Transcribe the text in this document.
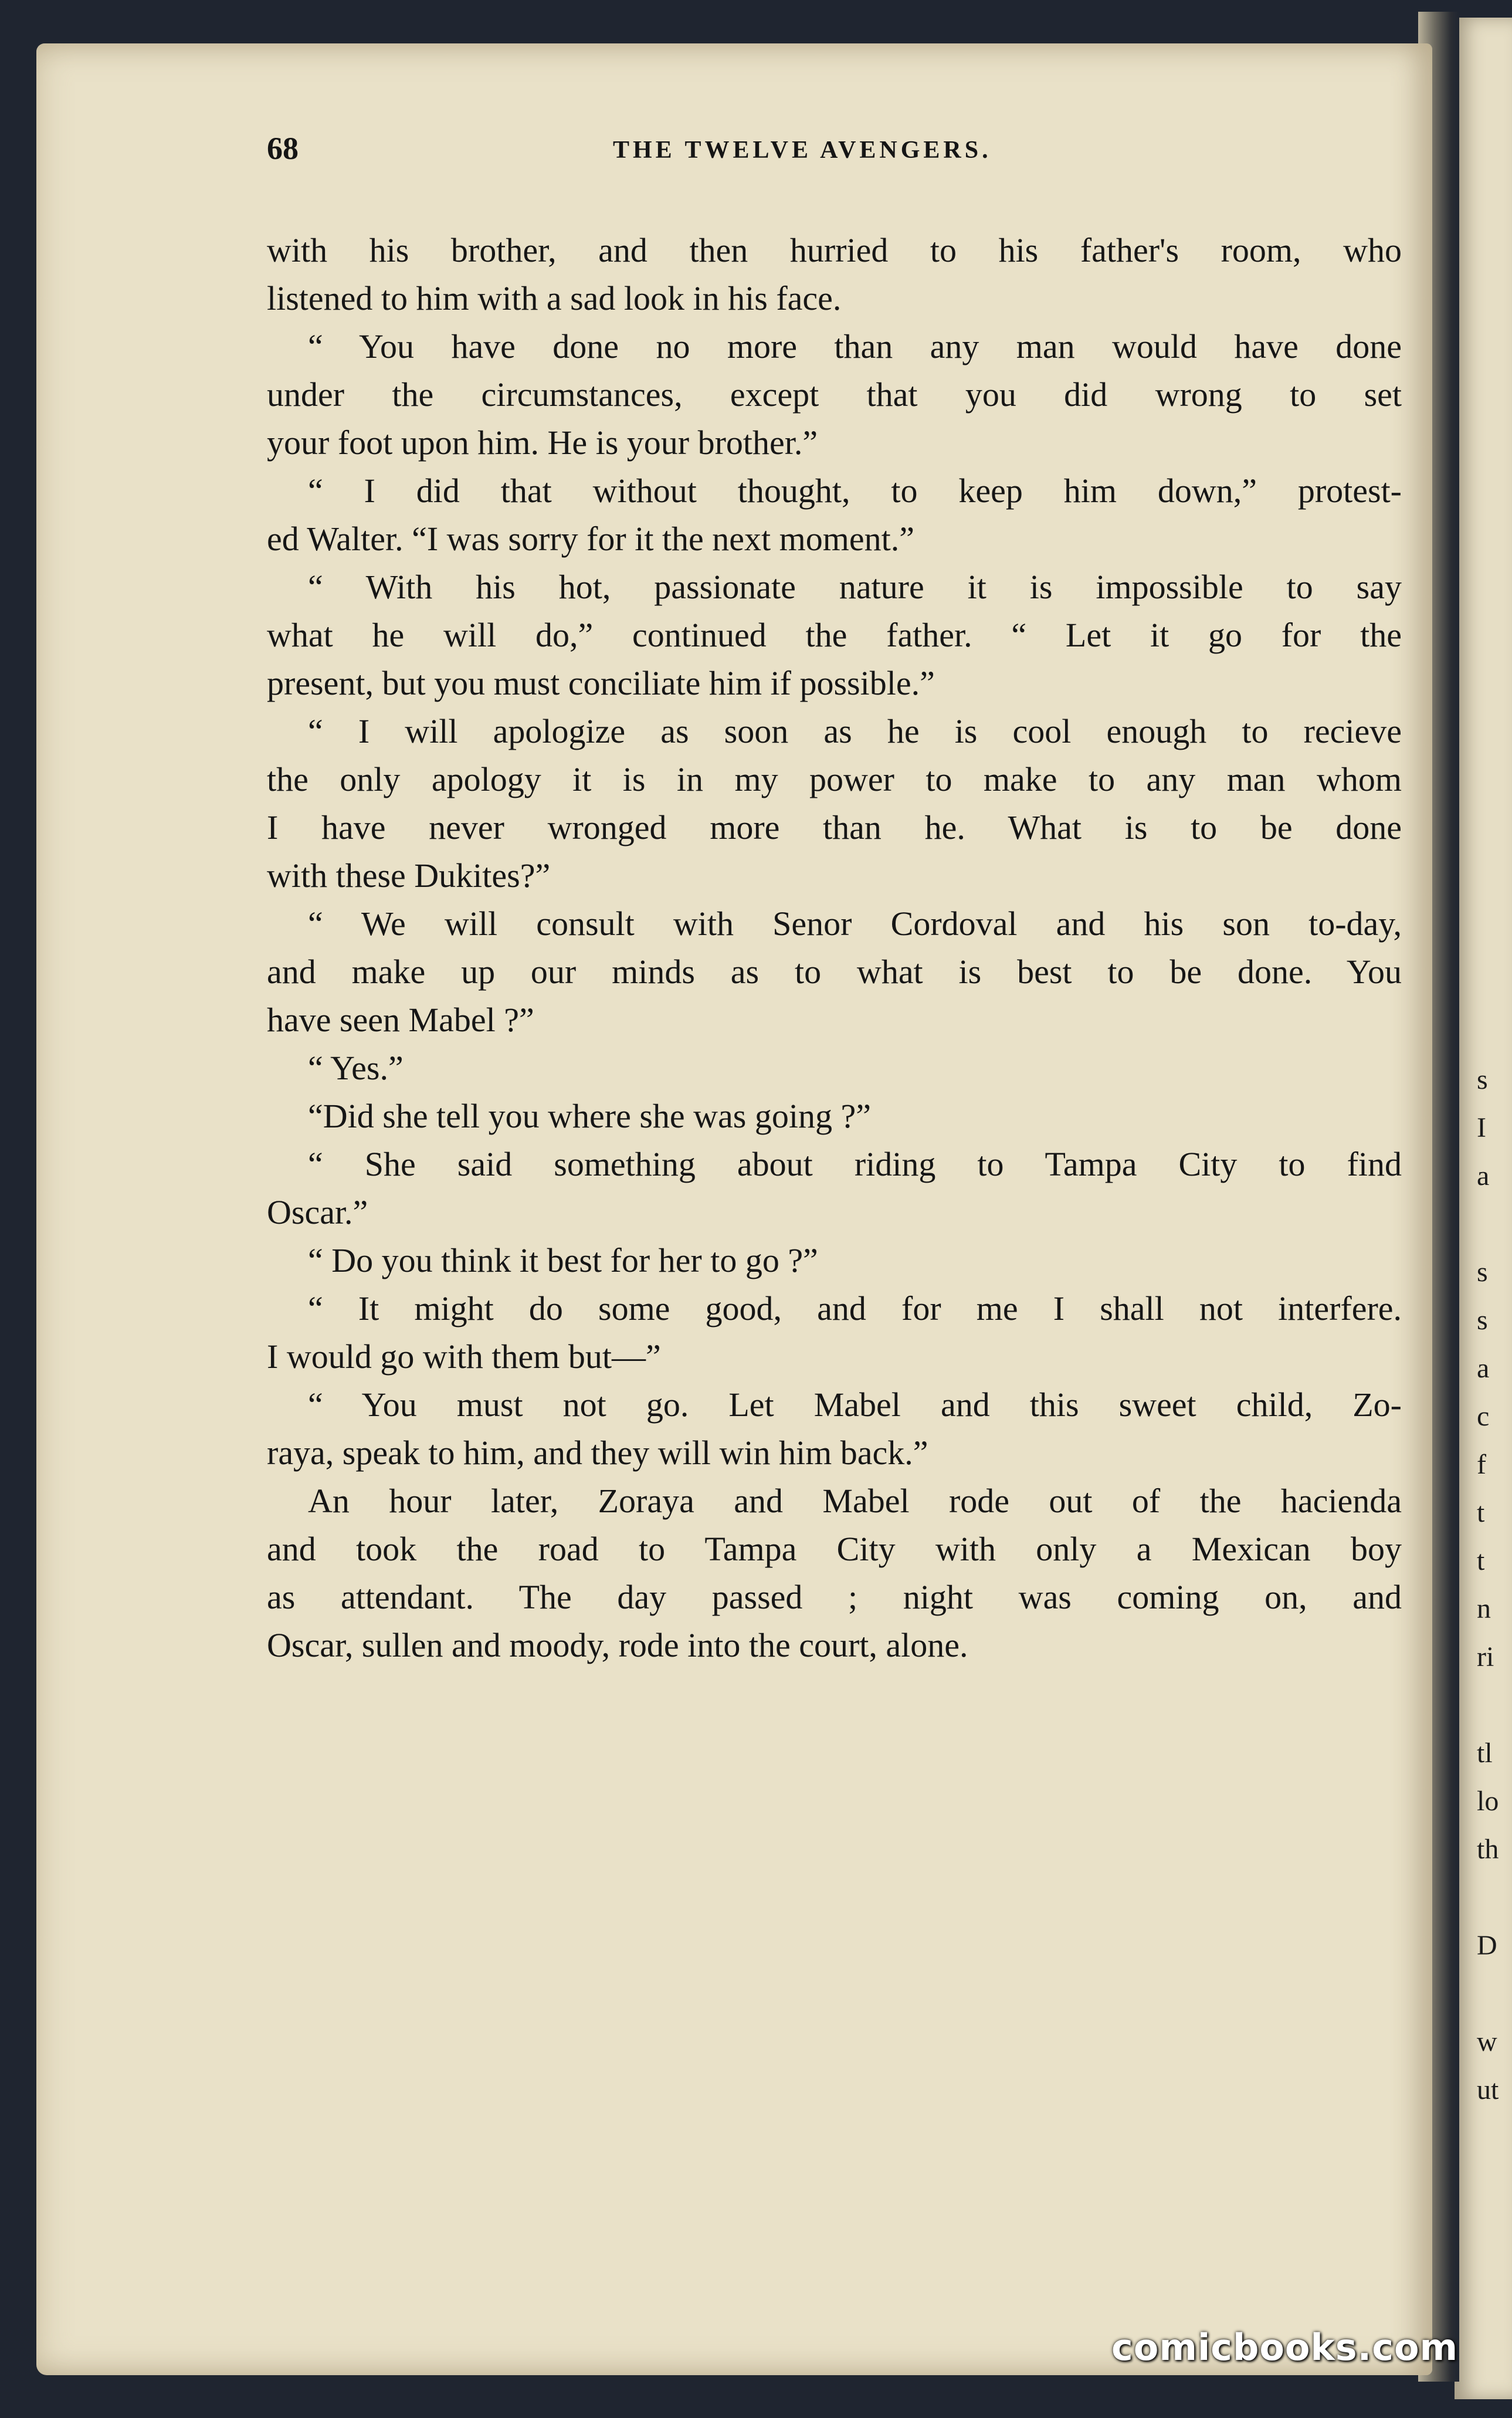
s
I
a
s
s
a
c
f
t
t
n
ri
tl
lo
th
D
w
ut
68	THE TWELVE AVENGERS.
with his brother, and then hurried to his father's room, who
listened to him with a sad look in his face.
“ You have done no more than any man would have done
under the circumstances, except that you did wrong to set
your foot upon him. He is your brother.”
“ I did that without thought, to keep him down,” protest-
ed Walter. “I was sorry for it the next moment.”
“ With his hot, passionate nature it is impossible to say
what he will do,” continued the father. “ Let it go for the
present, but you must conciliate him if possible.”
“ I will apologize as soon as he is cool enough to recieve
the only apology it is in my power to make to any man whom
I have never wronged more than he. What is to be done
with these Dukites?”
“ We will consult with Senor Cordoval and his son to-day,
and make up our minds as to what is best to be done. You
have seen Mabel ?”
“ Yes.”
“Did she tell you where she was going ?”
“ She said something about riding to Tampa City to find
Oscar.”
“ Do you think it best for her to go ?”
“ It might do some good, and for me I shall not interfere.
I would go with them but—”
“ You must not go. Let Mabel and this sweet child, Zo-
raya, speak to him, and they will win him back.”
An hour later, Zoraya and Mabel rode out of the hacienda
and took the road to Tampa City with only a Mexican boy
as attendant. The day passed ; night was coming on, and
Oscar, sullen and moody, rode into the court, alone.
comicbooks.com
